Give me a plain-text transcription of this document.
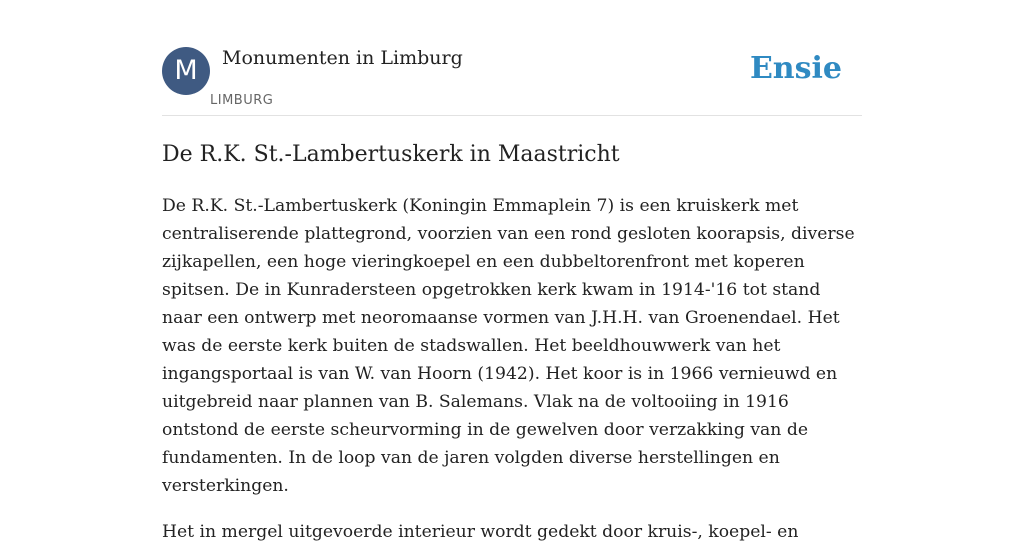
M	Monumenten in Limburg
LIMBURG
Ensie
De R.K. St.-Lambertuskerk in Maastricht

De R.K. St.-Lambertuskerk (Koningin Emmaplein 7) is een kruiskerk met centraliserende plattegrond, voorzien van een rond gesloten koorapsis, diverse zijkapellen, een hoge vieringkoepel en een dubbeltorenfront met koperen spitsen. De in Kunradersteen opgetrokken kerk kwam in 1914-'16 tot stand naar een ontwerp met neoromaanse vormen van J.H.H. van Groenendael. Het was de eerste kerk buiten de stadswallen. Het beeldhouwwerk van het ingangsportaal is van W. van Hoorn (1942). Het koor is in 1966 vernieuwd en uitgebreid naar plannen van B. Salemans. Vlak na de voltooiing in 1916 ontstond de eerste scheurvorming in de gewelven door verzakking van de fundamenten. In de loop van de jaren volgden diverse herstellingen en versterkingen.

Het in mergel uitgevoerde interieur wordt gedekt door kruis-, koepel- en
